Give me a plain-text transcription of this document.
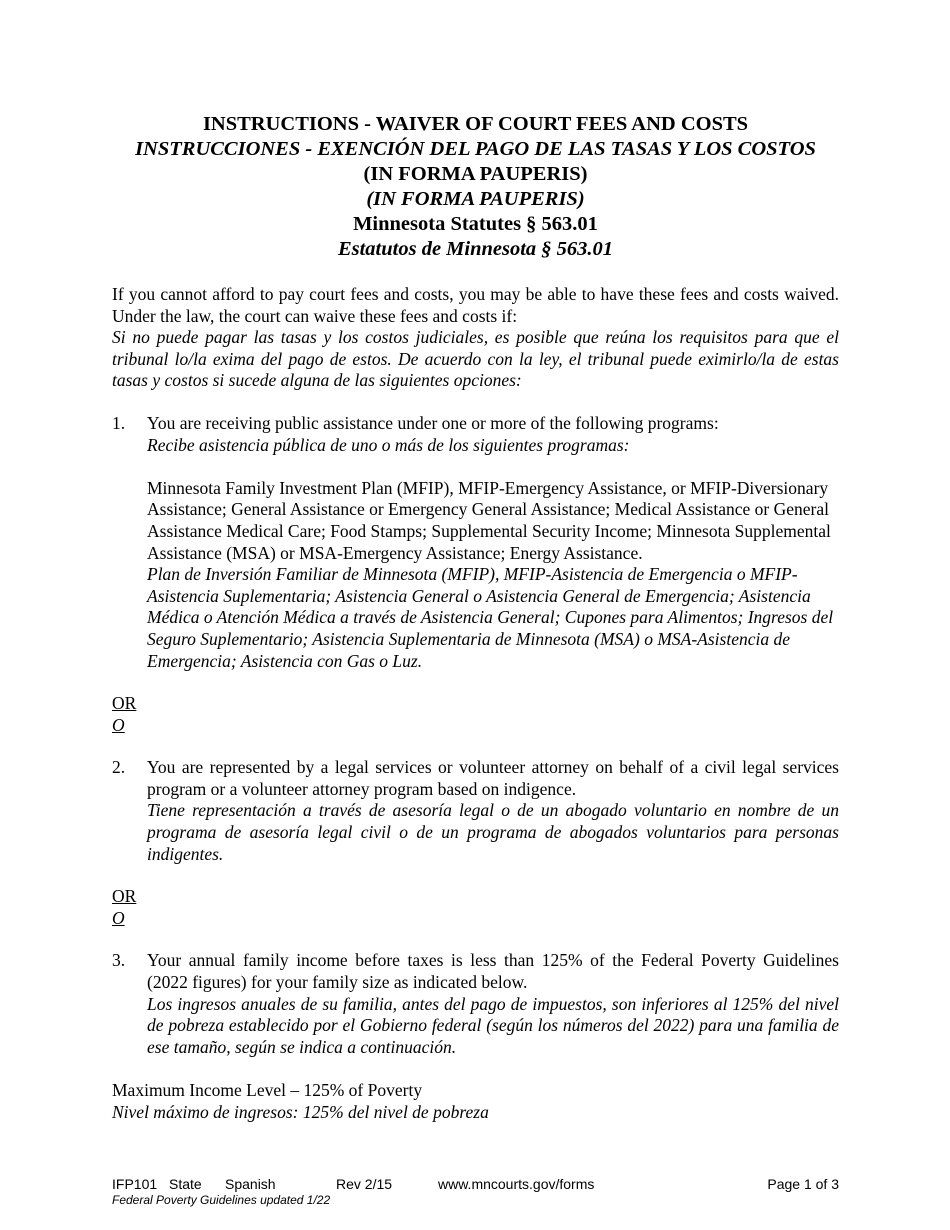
INSTRUCTIONS - WAIVER OF COURT FEES AND COSTS
INSTRUCCIONES - EXENCIÓN DEL PAGO DE LAS TASAS Y LOS COSTOS
(IN FORMA PAUPERIS)
(IN FORMA PAUPERIS)
Minnesota Statutes § 563.01
Estatutos de Minnesota § 563.01

If you cannot afford to pay court fees and costs, you may be able to have these fees and costs waived. Under the law, the court can waive these fees and costs if:

Si no puede pagar las tasas y los costos judiciales, es posible que reúna los requisitos para que el tribunal lo/la exima del pago de estos. De acuerdo con la ley, el tribunal puede eximirlo/la de estas tasas y costos si sucede alguna de las siguientes opciones:

1. You are receiving public assistance under one or more of the following programs:

Recibe asistencia pública de uno o más de los siguientes programas:

Minnesota Family Investment Plan (MFIP), MFIP-Emergency Assistance, or MFIP-Diversionary Assistance; General Assistance or Emergency General Assistance; Medical Assistance or General Assistance Medical Care; Food Stamps; Supplemental Security Income; Minnesota Supplemental Assistance (MSA) or MSA-Emergency Assistance; Energy Assistance.

Plan de Inversión Familiar de Minnesota (MFIP), MFIP-Asistencia de Emergencia o MFIP-Asistencia Suplementaria; Asistencia General o Asistencia General de Emergencia; Asistencia Médica o Atención Médica a través de Asistencia General; Cupones para Alimentos; Ingresos del Seguro Suplementario; Asistencia Suplementaria de Minnesota (MSA) o MSA-Asistencia de Emergencia; Asistencia con Gas o Luz.

OR
O
2. You are represented by a legal services or volunteer attorney on behalf of a civil legal services program or a volunteer attorney program based on indigence.

Tiene representación a través de asesoría legal o de un abogado voluntario en nombre de un programa de asesoría legal civil o de un programa de abogados voluntarios para personas indigentes.

OR
O
3. Your annual family income before taxes is less than 125% of the Federal Poverty Guidelines (2022 figures) for your family size as indicated below.

Los ingresos anuales de su familia, antes del pago de impuestos, son inferiores al 125% del nivel de pobreza establecido por el Gobierno federal (según los números del 2022) para una familia de ese tamaño, según se indica a continuación.

Maximum Income Level – 125% of Poverty

Nivel máximo de ingresos: 125% del nivel de pobreza

IFP101 State Spanish	Rev 2/15	www.mncourts.gov/forms	Page 1 of 3
Federal Poverty Guidelines updated 1/22
